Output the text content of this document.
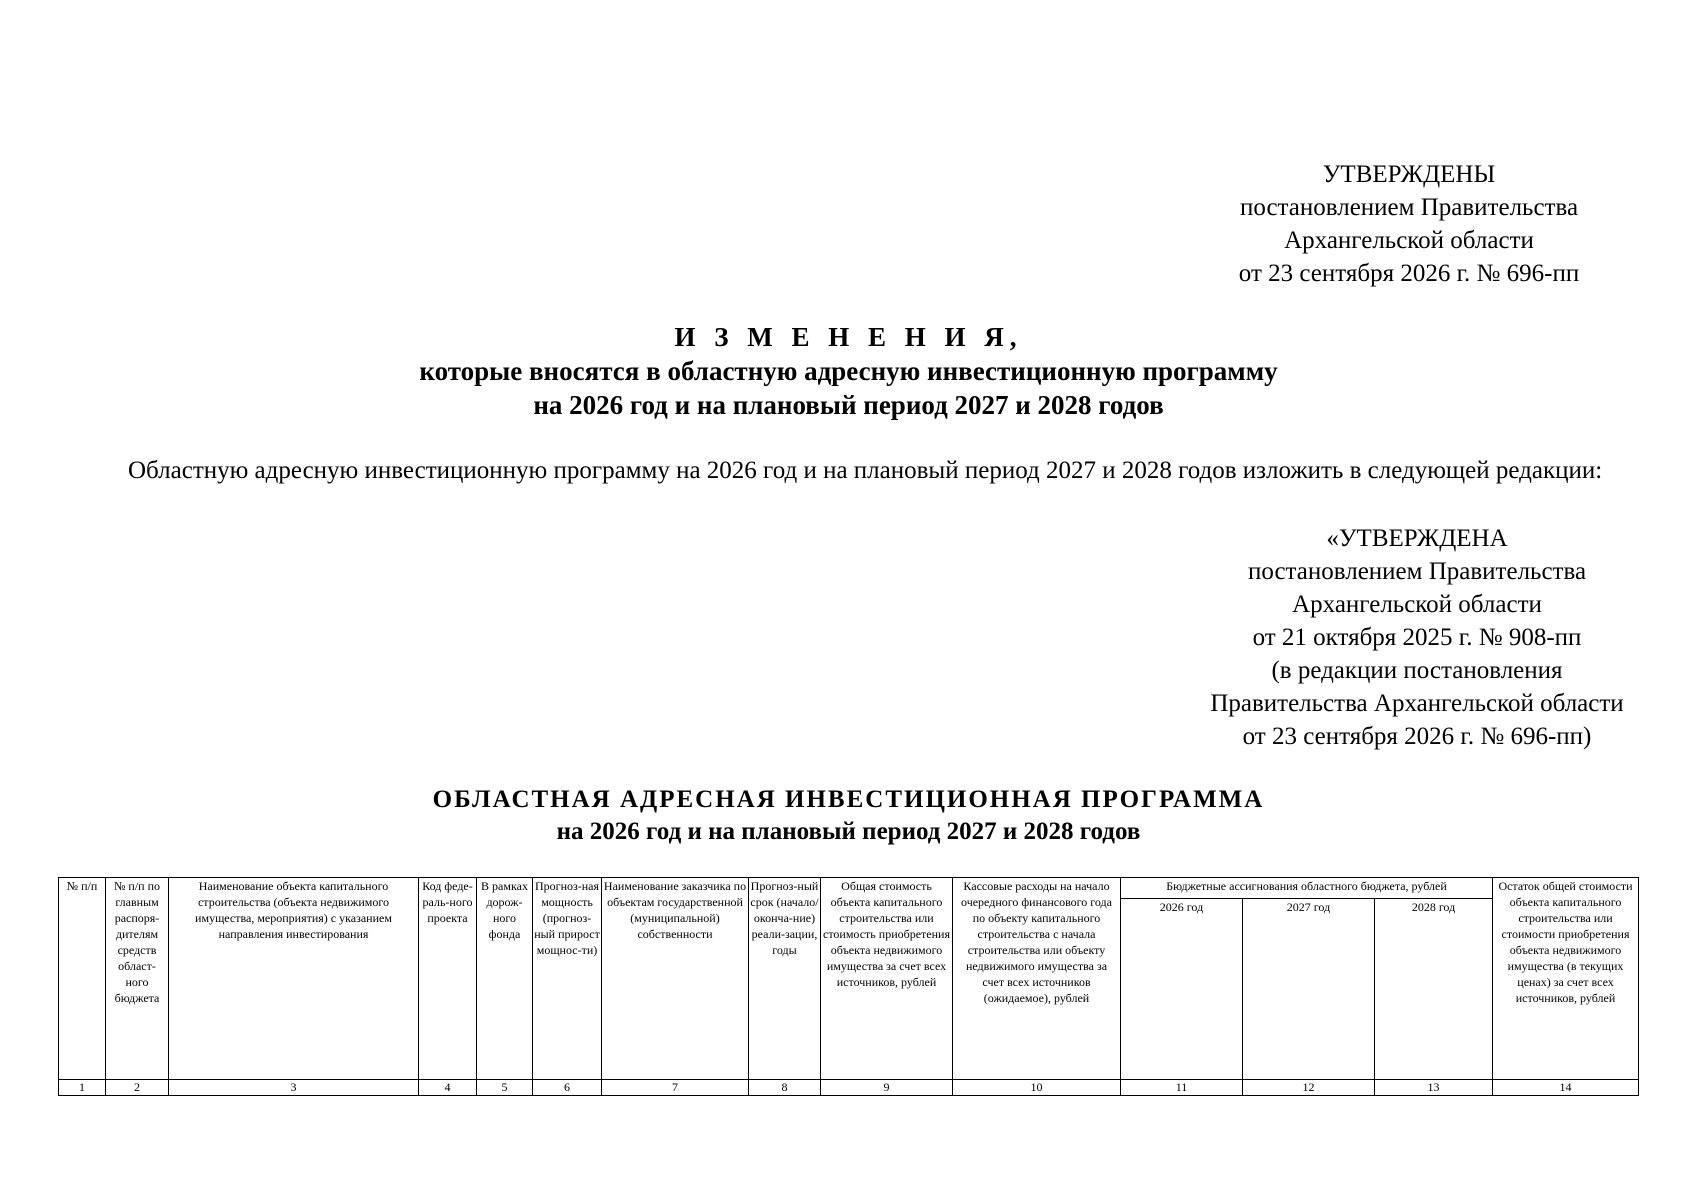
УТВЕРЖДЕНЫ
постановлением Правительства
Архангельской области
от 23 сентября 2026 г. № 696-пп
И З М Е Н Е Н И Я,
которые вносятся в областную адресную инвестиционную программу
на 2026 год и на плановый период 2027 и 2028 годов
Областную адресную инвестиционную программу на 2026 год и на плановый период 2027 и 2028 годов изложить в следующей редакции:
«УТВЕРЖДЕНА
постановлением Правительства
Архангельской области
от 21 октября 2025 г. № 908-пп
(в редакции постановления
Правительства Архангельской области
от 23 сентября 2026 г. № 696-пп)
ОБЛАСТНАЯ АДРЕСНАЯ ИНВЕСТИЦИОННАЯ ПРОГРАММА
на 2026 год и на плановый период 2027 и 2028 годов
№ п/п	№ п/п по главным распоря-дителям средств област-ного бюджета	Наименование объекта капитального строительства (объекта недвижимого имущества, мероприятия) с указанием направления инвестирования	Код феде-раль-ного проекта	В рамках дорож-ного фонда	Прогноз-ная мощность (прогноз-ный прирост мощнос-ти)	Наименование заказчика по объектам государственной (муниципальной) собственности	Прогноз-ный срок (начало/ оконча-ние) реали-зации, годы	Общая стоимость объекта капитального строительства или стоимость приобретения объекта недвижимого имущества за счет всех источников, рублей	Кассовые расходы на начало очередного финансового года по объекту капитального строительства с начала строительства или объекту недвижимого имущества за счет всех источников (ожидаемое), рублей	Бюджетные ассигнования областного бюджета, рублей			Остаток общей стоимости объекта капитального строительства или стоимости приобретения объекта недвижимого имущества (в текущих ценах) за счет всех источников, рублей
										2026 год	2027 год	2028 год	
1	2	3	4	5	6	7	8	9	10	11	12	13	14
